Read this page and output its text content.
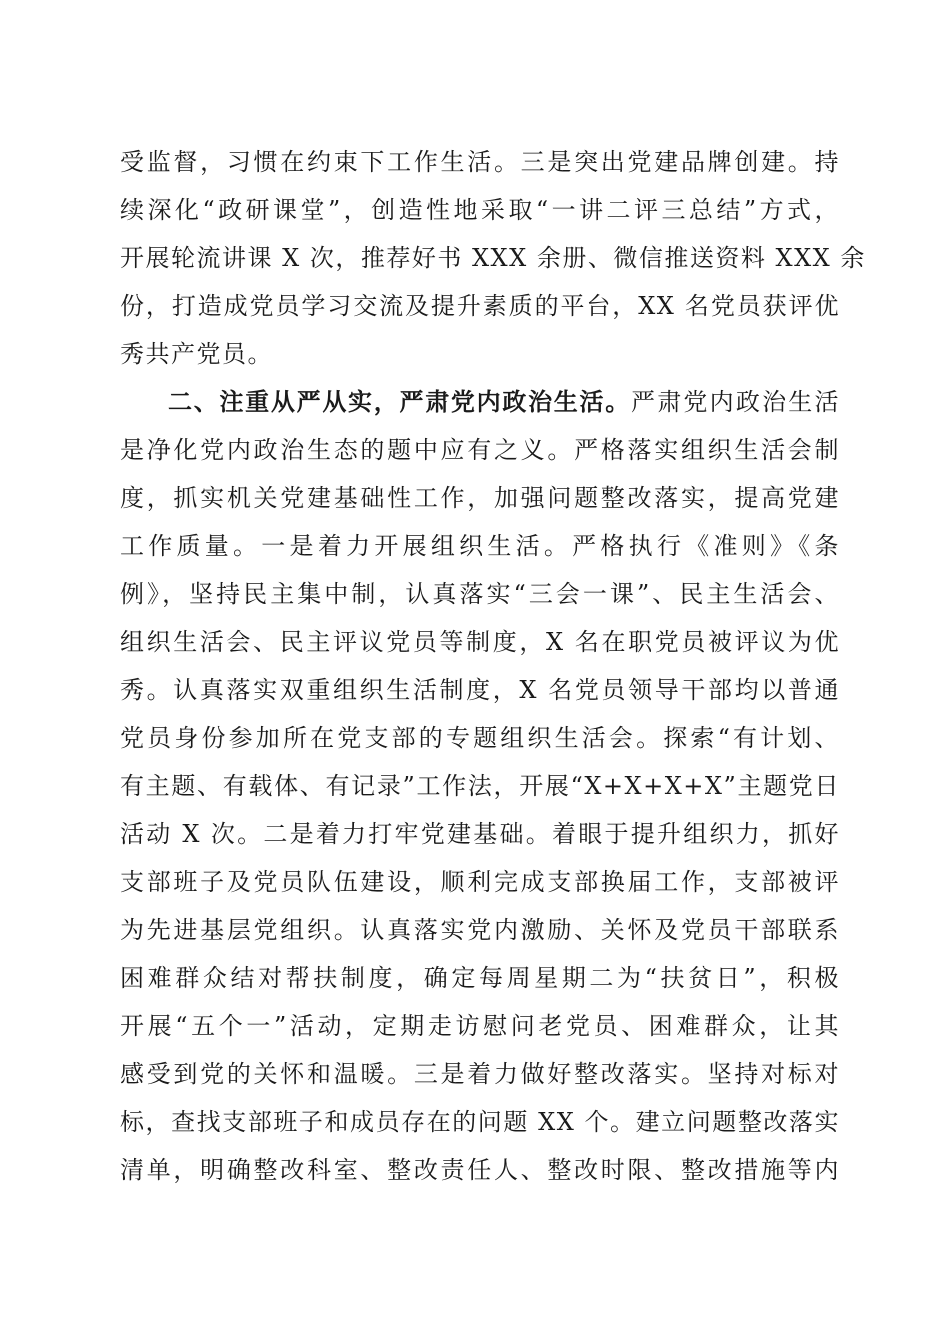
受监督，习惯在约束下工作生活。三是突出党建品牌创建。持
续深化“政研课堂”，创造性地采取“一讲二评三总结”方式，
开展轮流讲课 X 次，推荐好书 XXX 余册、微信推送资料 XXX 余
份，打造成党员学习交流及提升素质的平台，XX 名党员获评优
秀共产党员。
二、注重从严从实，严肃党内政治生活。严肃党内政治生活
是净化党内政治生态的题中应有之义。严格落实组织生活会制
度，抓实机关党建基础性工作，加强问题整改落实，提高党建
工作质量。一是着力开展组织生活。严格执行《准则》《条
例》，坚持民主集中制，认真落实“三会一课”、民主生活会、
组织生活会、民主评议党员等制度，X 名在职党员被评议为优
秀。认真落实双重组织生活制度，X 名党员领导干部均以普通
党员身份参加所在党支部的专题组织生活会。探索“有计划、
有主题、有载体、有记录”工作法，开展“X+X+X+X”主题党日
活动 X 次。二是着力打牢党建基础。着眼于提升组织力，抓好
支部班子及党员队伍建设，顺利完成支部换届工作，支部被评
为先进基层党组织。认真落实党内激励、关怀及党员干部联系
困难群众结对帮扶制度，确定每周星期二为“扶贫日”，积极
开展“五个一”活动，定期走访慰问老党员、困难群众，让其
感受到党的关怀和温暖。三是着力做好整改落实。坚持对标对
标，查找支部班子和成员存在的问题 XX 个。建立问题整改落实
清单，明确整改科室、整改责任人、整改时限、整改措施等内
